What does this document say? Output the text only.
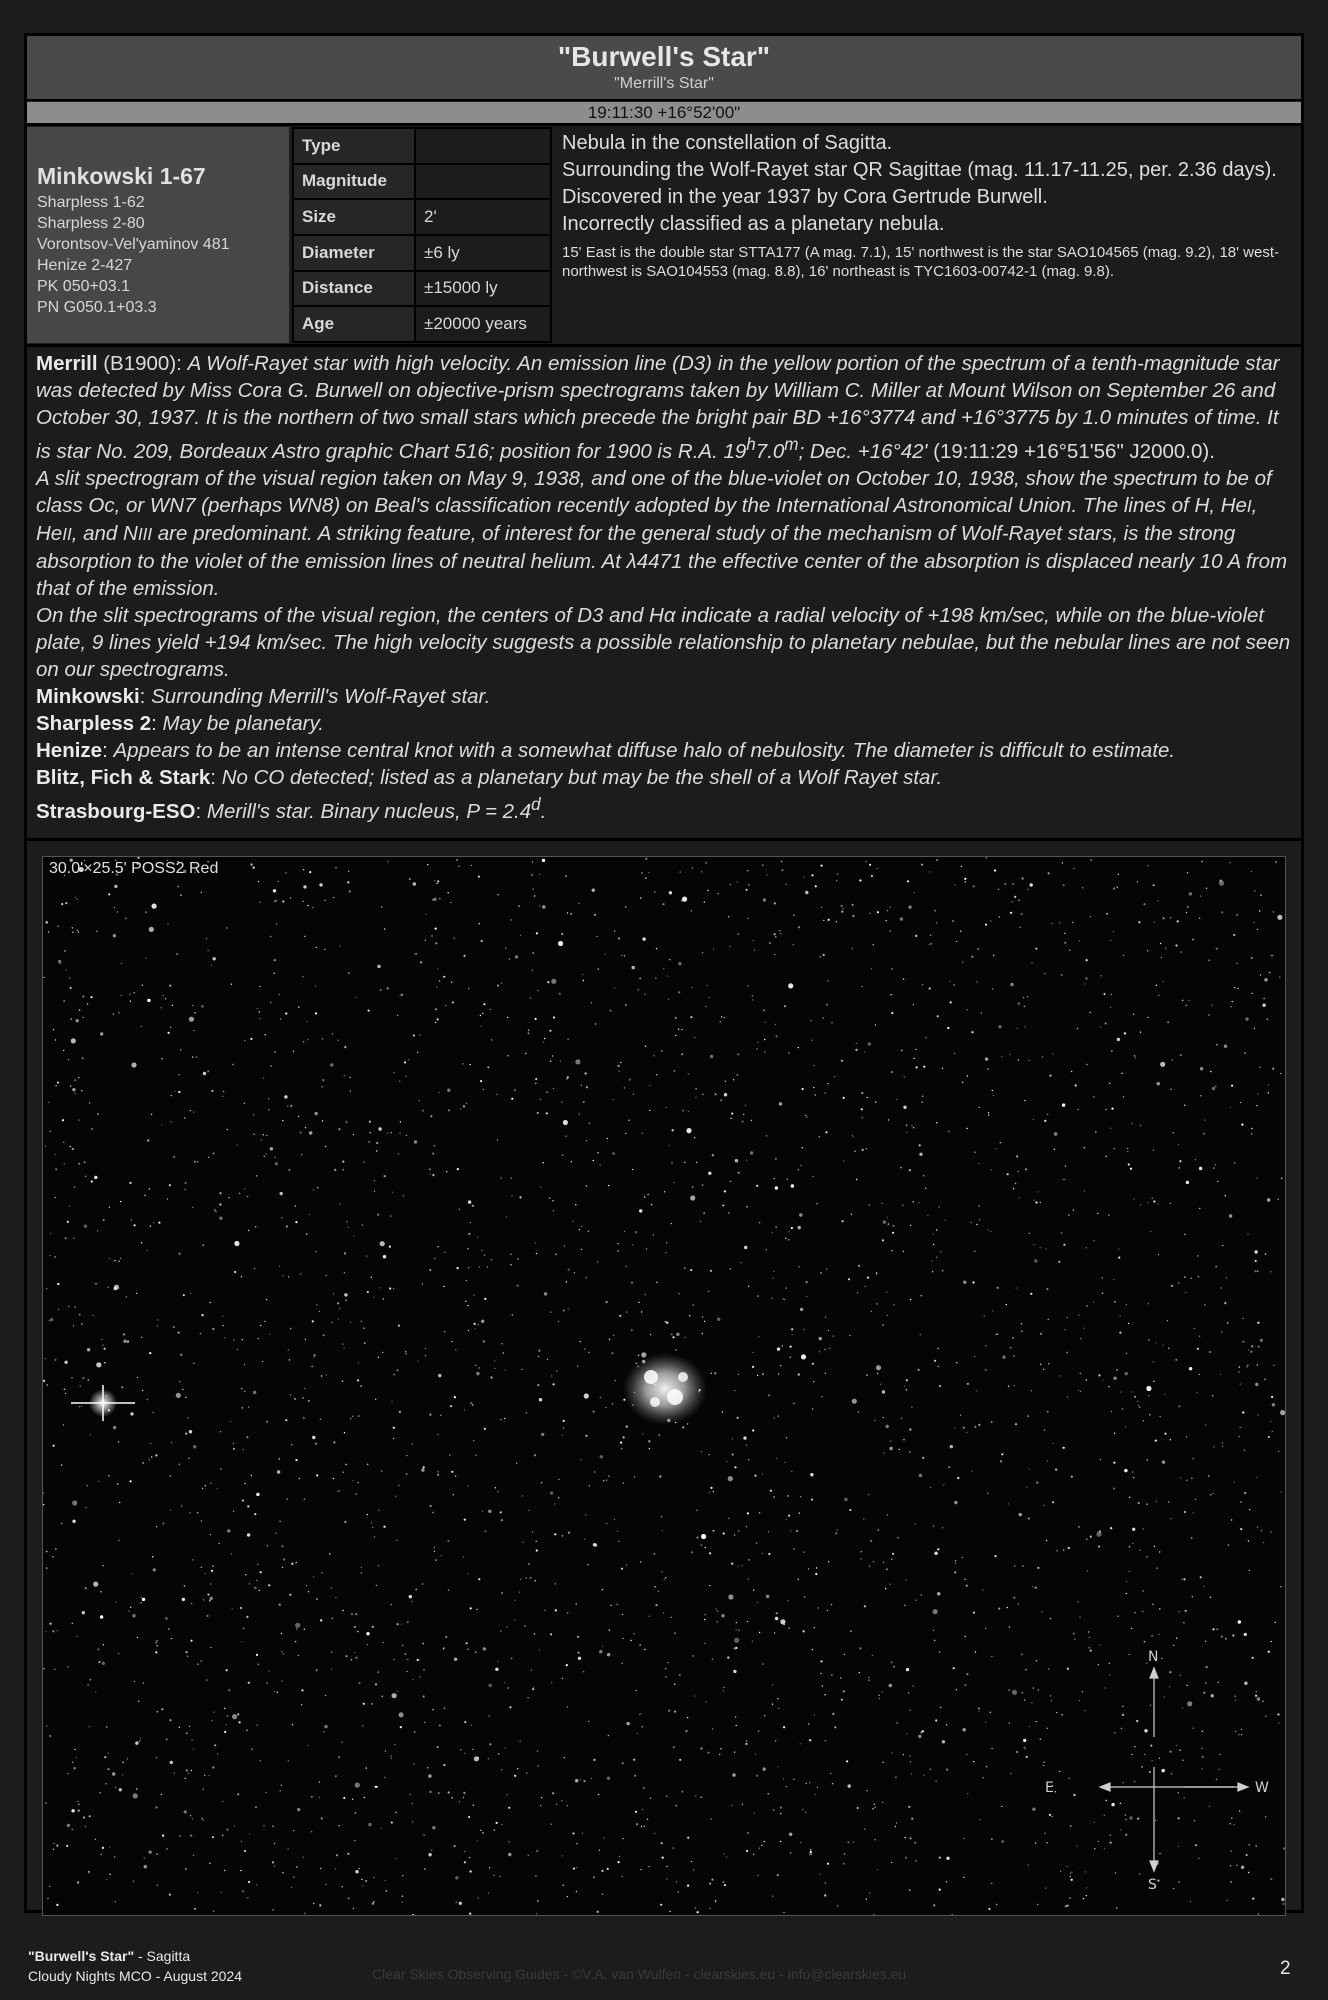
"Burwell's Star"
"Merrill's Star"
19:11:30 +16°52'00"
Minkowski 1-67
Sharpless 1-62
Sharpless 2-80
Vorontsov-Vel'yaminov 481
Henize 2-427
PK 050+03.1
PN G050.1+03.3
Type	
Magnitude	
Size	2'
Diameter	±6 ly
Distance	±15000 ly
Age	±20000 years

Nebula in the constellation of Sagitta.

Surrounding the Wolf-Rayet star QR Sagittae (mag. 11.17-11.25, per. 2.36 days).

Discovered in the year 1937 by Cora Gertrude Burwell.

Incorrectly classified as a planetary nebula.

15' East is the double star STTA177 (A mag. 7.1), 15' northwest is the star SAO104565 (mag. 9.2), 18' west-northwest is SAO104553 (mag. 8.8), 16' northeast is TYC1603-00742-1 (mag. 9.8).

Merrill (B1900): A Wolf-Rayet star with high velocity. An emission line (D3) in the yellow portion of the spectrum of a tenth-magnitude star was detected by Miss Cora G. Burwell on objective-prism spectrograms taken by William C. Miller at Mount Wilson on September 26 and October 30, 1937. It is the northern of two small stars which precede the bright pair BD +16°3774 and +16°3775 by 1.0 minutes of time. It is star No. 209, Bordeaux Astro graphic Chart 516; position for 1900 is R.A. 19$^h$7.0$^m$; Dec. +16°42' (19:11:29 +16°51'56" J2000.0).

A slit spectrogram of the visual region taken on May 9, 1938, and one of the blue-violet on October 10, 1938, show the spectrum to be of class Oc, or WN7 (perhaps WN8) on Beal's classification recently adopted by the International Astronomical Union. The lines of H, HeI, HeII, and NIII are predominant. A striking feature, of interest for the general study of the mechanism of Wolf-Rayet stars, is the strong absorption to the violet of the emission lines of neutral helium. At λ4471 the effective center of the absorption is displaced nearly 10 A from that of the emission.

On the slit spectrograms of the visual region, the centers of D3 and Hα indicate a radial velocity of +198 km/sec, while on the blue-violet plate, 9 lines yield +194 km/sec. The high velocity suggests a possible relationship to planetary nebulae, but the nebular lines are not seen on our spectrograms.

Minkowski: Surrounding Merrill's Wolf-Rayet star.

Sharpless 2: May be planetary.

Henize: Appears to be an intense central knot with a somewhat diffuse halo of nebulosity. The diameter is difficult to estimate.

Blitz, Fich & Stark: No CO detected; listed as a planetary but may be the shell of a Wolf Rayet star.

Strasbourg-ESO: Merill's star. Binary nucleus, P = 2.4$^d$.

N
S
E	W
30.0'×25.5' POSS2 Red
"Burwell's Star" - Sagitta
Cloudy Nights MCO - August 2024	Clear Skies Observing Guides - ©V.A. van Wulfen - clearskies.eu - info@clearskies.eu	2
